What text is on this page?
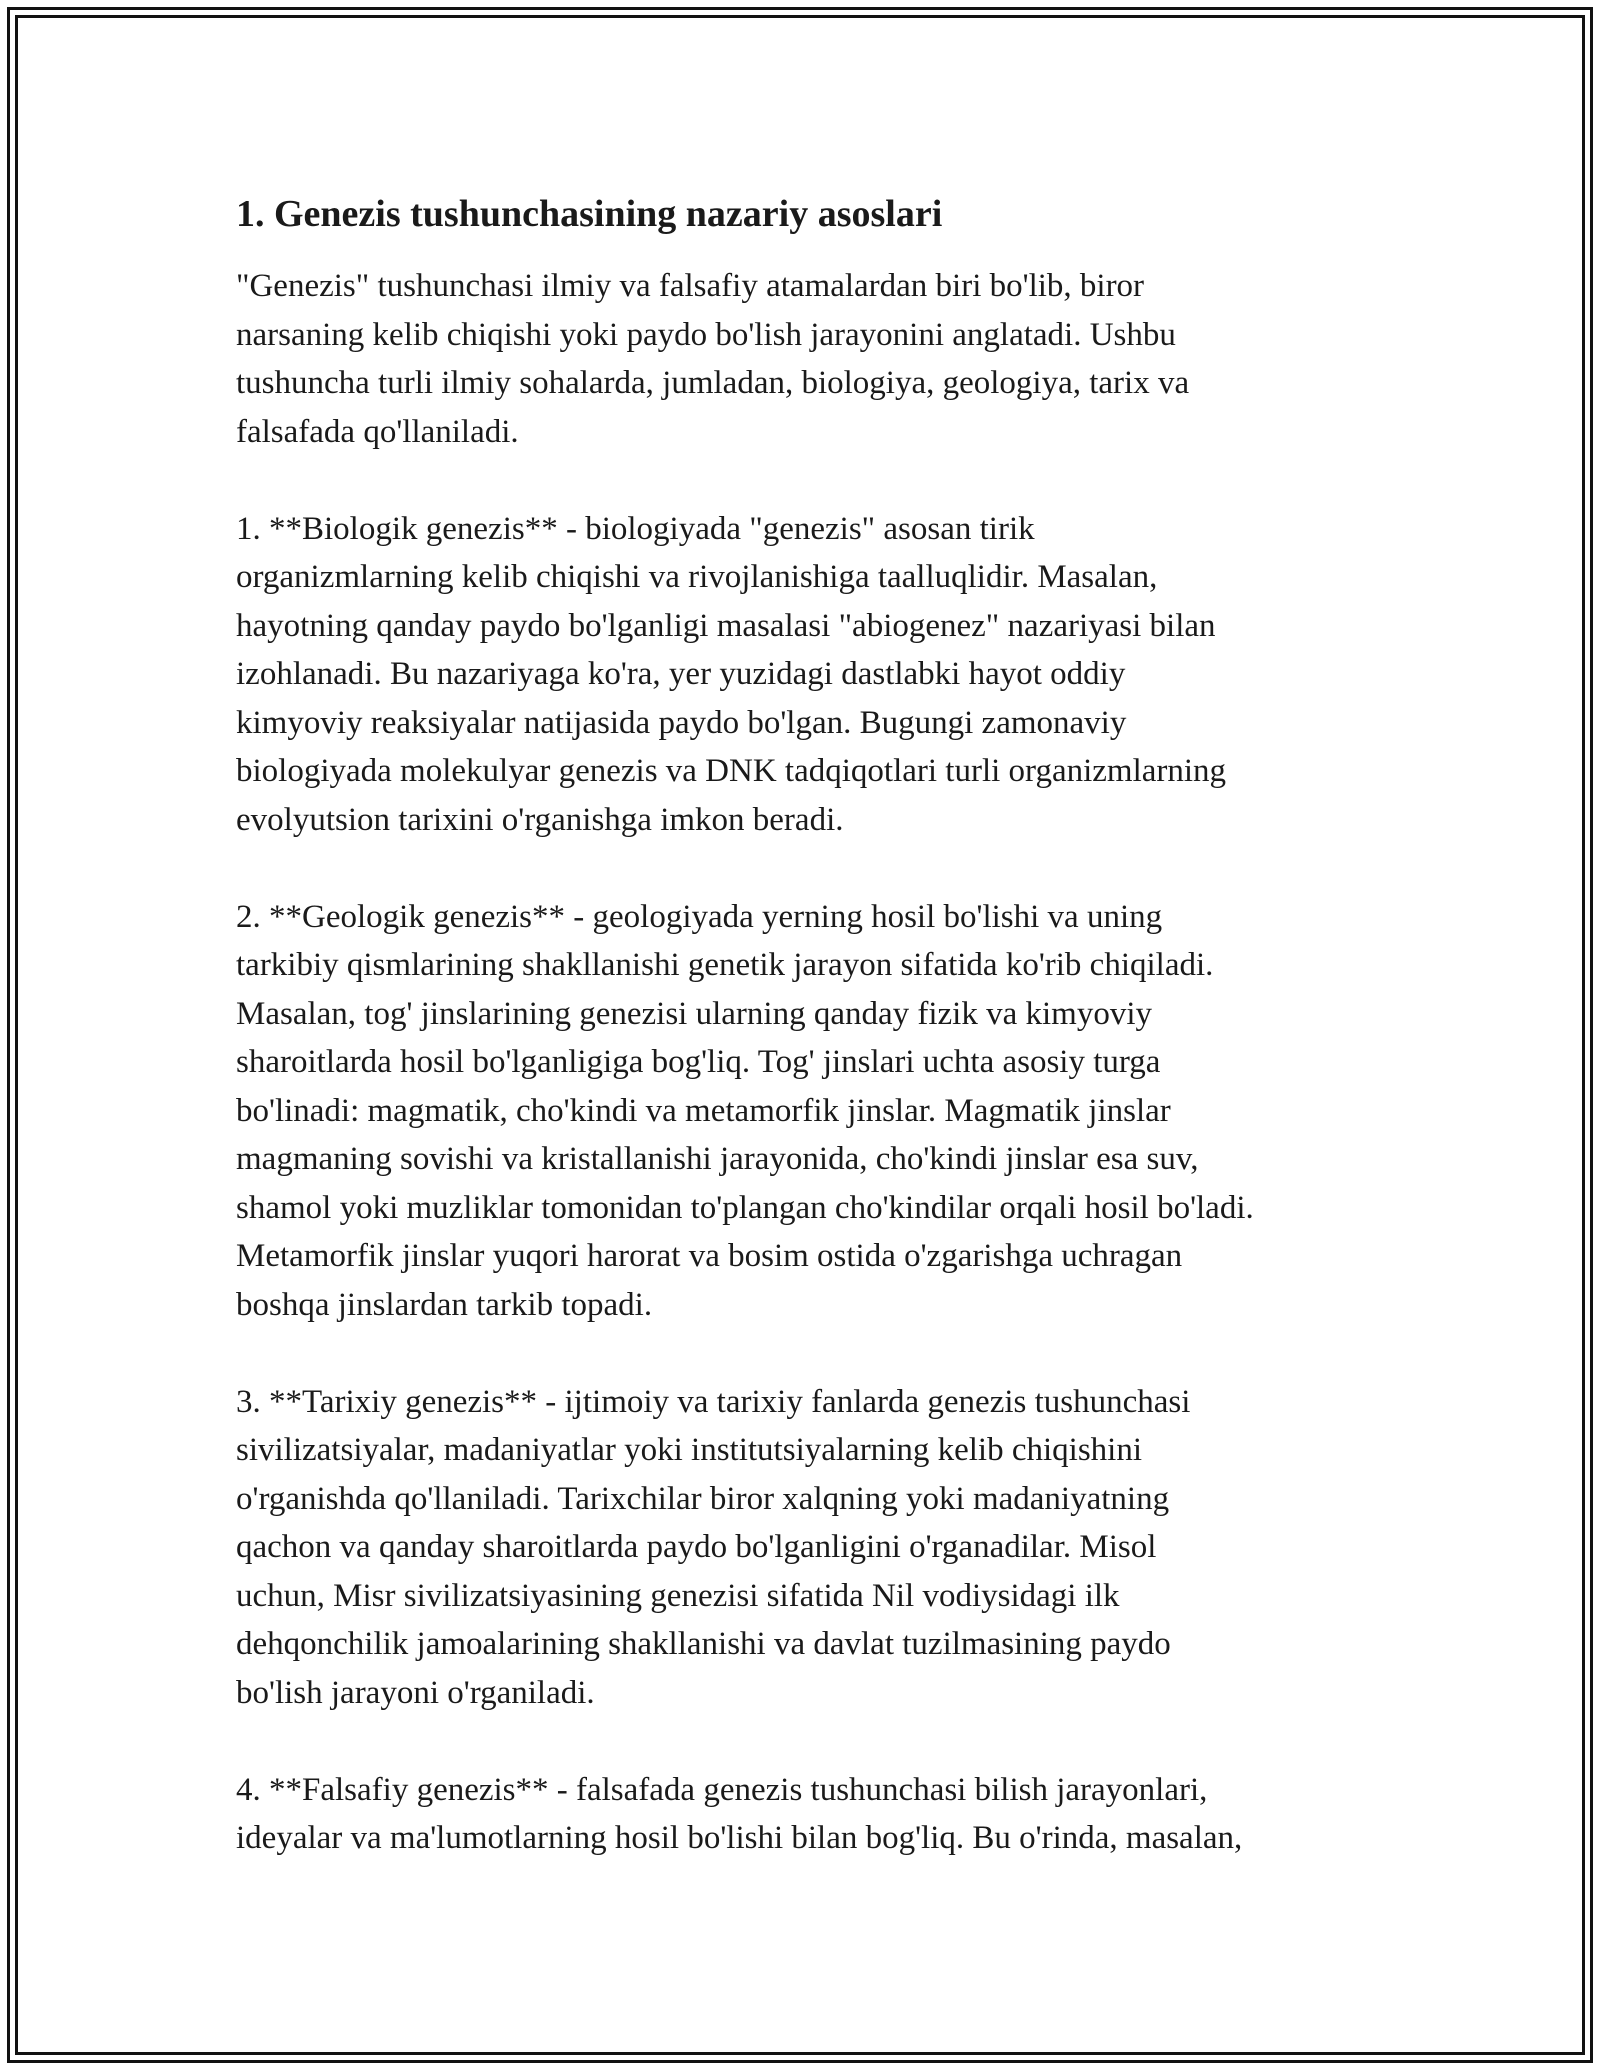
1. Genezis tushunchasining nazariy asoslari

"Genezis" tushunchasi ilmiy va falsafiy atamalardan biri bo'lib, biror
narsaning kelib chiqishi yoki paydo bo'lish jarayonini anglatadi. Ushbu
tushuncha turli ilmiy sohalarda, jumladan, biologiya, geologiya, tarix va
falsafada qo'llaniladi.

1. **Biologik genezis** - biologiyada "genezis" asosan tirik
organizmlarning kelib chiqishi va rivojlanishiga taalluqlidir. Masalan,
hayotning qanday paydo bo'lganligi masalasi "abiogenez" nazariyasi bilan
izohlanadi. Bu nazariyaga ko'ra, yer yuzidagi dastlabki hayot oddiy
kimyoviy reaksiyalar natijasida paydo bo'lgan. Bugungi zamonaviy
biologiyada molekulyar genezis va DNK tadqiqotlari turli organizmlarning
evolyutsion tarixini o'rganishga imkon beradi.

2. **Geologik genezis** - geologiyada yerning hosil bo'lishi va uning
tarkibiy qismlarining shakllanishi genetik jarayon sifatida ko'rib chiqiladi.
Masalan, tog' jinslarining genezisi ularning qanday fizik va kimyoviy
sharoitlarda hosil bo'lganligiga bog'liq. Tog' jinslari uchta asosiy turga
bo'linadi: magmatik, cho'kindi va metamorfik jinslar. Magmatik jinslar
magmaning sovishi va kristallanishi jarayonida, cho'kindi jinslar esa suv,
shamol yoki muzliklar tomonidan to'plangan cho'kindilar orqali hosil bo'ladi.
Metamorfik jinslar yuqori harorat va bosim ostida o'zgarishga uchragan
boshqa jinslardan tarkib topadi.

3. **Tarixiy genezis** - ijtimoiy va tarixiy fanlarda genezis tushunchasi
sivilizatsiyalar, madaniyatlar yoki institutsiyalarning kelib chiqishini
o'rganishda qo'llaniladi. Tarixchilar biror xalqning yoki madaniyatning
qachon va qanday sharoitlarda paydo bo'lganligini o'rganadilar. Misol
uchun, Misr sivilizatsiyasining genezisi sifatida Nil vodiysidagi ilk
dehqonchilik jamoalarining shakllanishi va davlat tuzilmasining paydo
bo'lish jarayoni o'rganiladi.

4. **Falsafiy genezis** - falsafada genezis tushunchasi bilish jarayonlari,
ideyalar va ma'lumotlarning hosil bo'lishi bilan bog'liq. Bu o'rinda, masalan,
